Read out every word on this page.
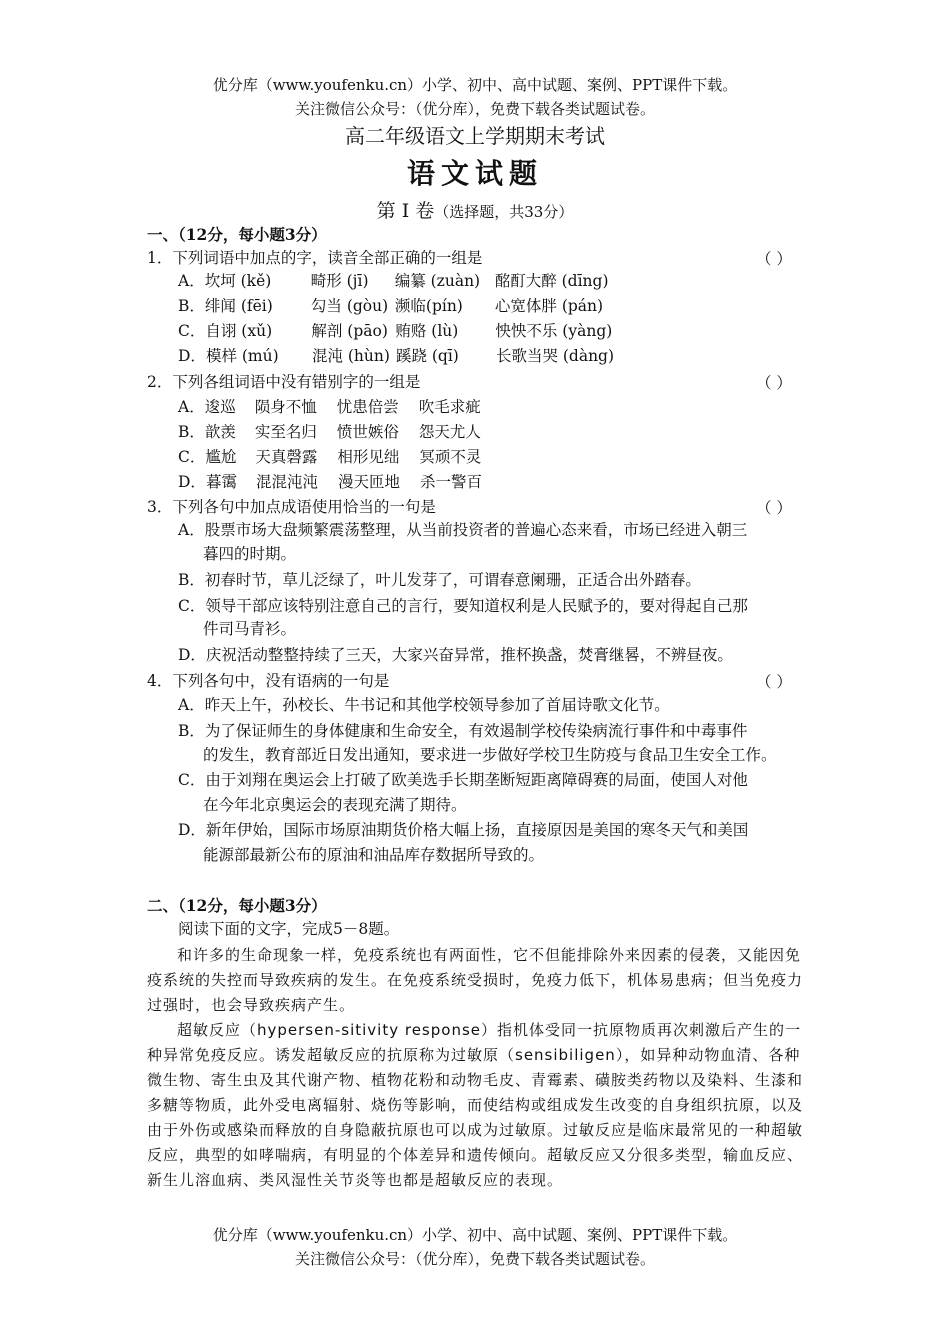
优分库（www.youfenku.cn）小学、初中、高中试题、案例、PPT课件下载。
关注微信公众号：（优分库），免费下载各类试题试卷。
高二年级语文上学期期末考试
语文试题
第 I 卷（选择题，共33分）
一、（12分，每小题3分）
1．下列词语中加点的字，读音全部正确的一组是	（ ）
A．坎坷 (kě)	畸形 (jī) 编纂 (zuàn) 酩酊大醉 (dīng)
B．绯闻 (fēi) 勾当 (gòu) 濒临(pín) 心宽体胖 (pán)
C．自诩 (xǔ)	解剖 (pāo) 贿赂 (lù) 怏怏不乐 (yàng)
D．模样 (mú) 混沌 (hùn) 蹊跷 (qī) 长歌当哭 (dàng)
2．下列各组词语中没有错别字的一组是	（ ）
A．逡巡 陨身不恤 忧患倍尝 吹毛求疵
B．歆羡 实至名归 愤世嫉俗 怨天尤人
C．尴尬 天真磬露 相形见绌 冥顽不灵
D．暮霭 混混沌沌 漫天匝地 杀一警百
3．下列各句中加点成语使用恰当的一句是	（ ）
A．股票市场大盘频繁震荡整理，从当前投资者的普遍心态来看，市场已经进入朝三
暮四的时期。
B．初春时节，草儿泛绿了，叶儿发芽了，可谓春意阑珊，正适合出外踏春。
C．领导干部应该特别注意自己的言行，要知道权利是人民赋予的，要对得起自己那
件司马青衫。
D．庆祝活动整整持续了三天，大家兴奋异常，推杯换盏，焚膏继晷，不辨昼夜。
4．下列各句中，没有语病的一句是	（ ）
A．昨天上午，孙校长、牛书记和其他学校领导参加了首届诗歌文化节。
B．为了保证师生的身体健康和生命安全，有效遏制学校传染病流行事件和中毒事件
的发生，教育部近日发出通知，要求进一步做好学校卫生防疫与食品卫生安全工作。
C．由于刘翔在奥运会上打破了欧美选手长期垄断短距离障碍赛的局面，使国人对他
在今年北京奥运会的表现充满了期待。
D．新年伊始，国际市场原油期货价格大幅上扬，直接原因是美国的寒冬天气和美国
能源部最新公布的原油和油品库存数据所导致的。
二、（12分，每小题3分）
阅读下面的文字，完成5－8题。
和许多的生命现象一样，免疫系统也有两面性，它不但能排除外来因素的侵袭，又能因免疫系统的失控而导致疾病的发生。在免疫系统受损时，免疫力低下，机体易患病；但当免疫力过强时，也会导致疾病产生。
超敏反应（hypersen-sitivity response）指机体受同一抗原物质再次刺激后产生的一种异常免疫反应。诱发超敏反应的抗原称为过敏原（sensibiligen），如异种动物血清、各种微生物、寄生虫及其代谢产物、植物花粉和动物毛皮、青霉素、磺胺类药物以及染料、生漆和多糖等物质，此外受电离辐射、烧伤等影响，而使结构或组成发生改变的自身组织抗原，以及由于外伤或感染而释放的自身隐蔽抗原也可以成为过敏原。过敏反应是临床最常见的一种超敏反应，典型的如哮喘病，有明显的个体差异和遗传倾向。超敏反应又分很多类型，输血反应、新生儿溶血病、类风湿性关节炎等也都是超敏反应的表现。
优分库（www.youfenku.cn）小学、初中、高中试题、案例、PPT课件下载。
关注微信公众号：（优分库），免费下载各类试题试卷。
